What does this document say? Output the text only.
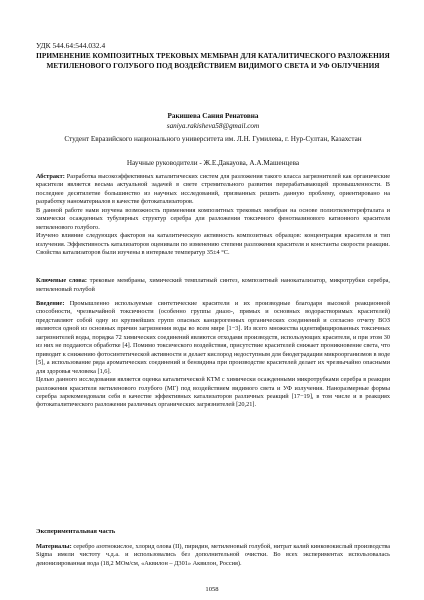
УДК 544.64:544.032.4
ПРИМЕНЕНИЕ КОМПОЗИТНЫХ ТРЕКОВЫХ МЕМБРАН ДЛЯ КАТАЛИТИЧЕСКОГО РАЗЛОЖЕНИЯ МЕТИЛЕНОВОГО ГОЛУБОГО ПОД ВОЗДЕЙСТВИЕМ ВИДИМОГО СВЕТА И УФ ОБЛУЧЕНИЯ
Ракишева Сания Ренатовна
saniya.rakisheva58@gmail.com
Студент Евразийского национального университета им. Л.Н. Гумилева, г. Нур-Султан, Казахстан
Научные руководители - Ж.Е.Дакауова, А.А.Машенцева

Абстракт: Разработка высокоэффективных каталитических систем для разложения такого класса загрязнителей как органические красители является весьма актуальной задачей в свете стремительного развития перерабатывающей промышленности. В последнее десятилетие большинство из научных исследований, призванных решить данную проблему, ориентировано на разработку наноматериалов в качестве фотокатализаторов.

В данной работе нами изучена возможность применения композитных трековых мембран на основе полиэтилентерефталата и химически осажденных тубулярных структур серебра для разложения токсичного фенотиазинового катионного красителя метиленового голубого.

Изучено влияние следующих факторов на каталитическую активность композитных образцов: концентрация красителя и тип излучения. Эффективность катализаторов оценивали по изменению степени разложения красителя и константы скорости реакции. Свойства катализаторов были изучены в интервале температур 35±4 °С.

Ключевые слова: трековые мембраны, химический темплатный синтез, композитный нанокатализатор, микротрубки серебра, метиленовый голубой

Введение: Промышленно используемые синтетические красители и их производные благодаря высокой реакционной способности, чрезвычайной токсичности (особенно группы диазо-, прямых и основных водорастворимых красителей) представляют собой одну из крупнейших групп опасных канцерогенных органических соединений и согласно отчету ВОЗ являются одной из основных причин загрязнения воды во всем мире [1−3]. Из всего множества идентифицированных токсичных загрязнителей воды, порядка 72 химических соединений являются отходами производств, использующих красители, и при этом 30 из них не поддаются обработке [4]. Помимо токсического воздействия, присутствие красителей снижает проникновение света, что приводит к снижению фотосинтетической активности и делает кислород недоступным для биодеградации микроорганизмов в воде [5], а использование ряда ароматических соединений и бензидина при производстве красителей делает их чрезвычайно опасными для здоровья человека [1,6].

Целью данного исследования является оценка каталитической КТМ с химически осажденными микротрубками серебра в реакции разложения красителя метиленового голубого (МГ) под воздействием видимого света и УФ излучения. Наноразмерные формы серебра зарекомендовали себя в качестве эффективных катализаторов различных реакций [17−19], в том числе и в реакциях фотокаталитического разложения различных органических загрязнителей [20,21].

Экспериментальная часть
Материалы: серебро азотнокислое, хлорид олова (II), пиридин, метиленовый голубой, нитрат калий кинковокислый производства Sigma имели чистоту ч.д.а. и использовались без дополнительной очистки. Во всех экспериментах использовалась деионизированная вода (18,2 МОм/см, «Аквилон – Д301» Аквилон, Россия).
1058
